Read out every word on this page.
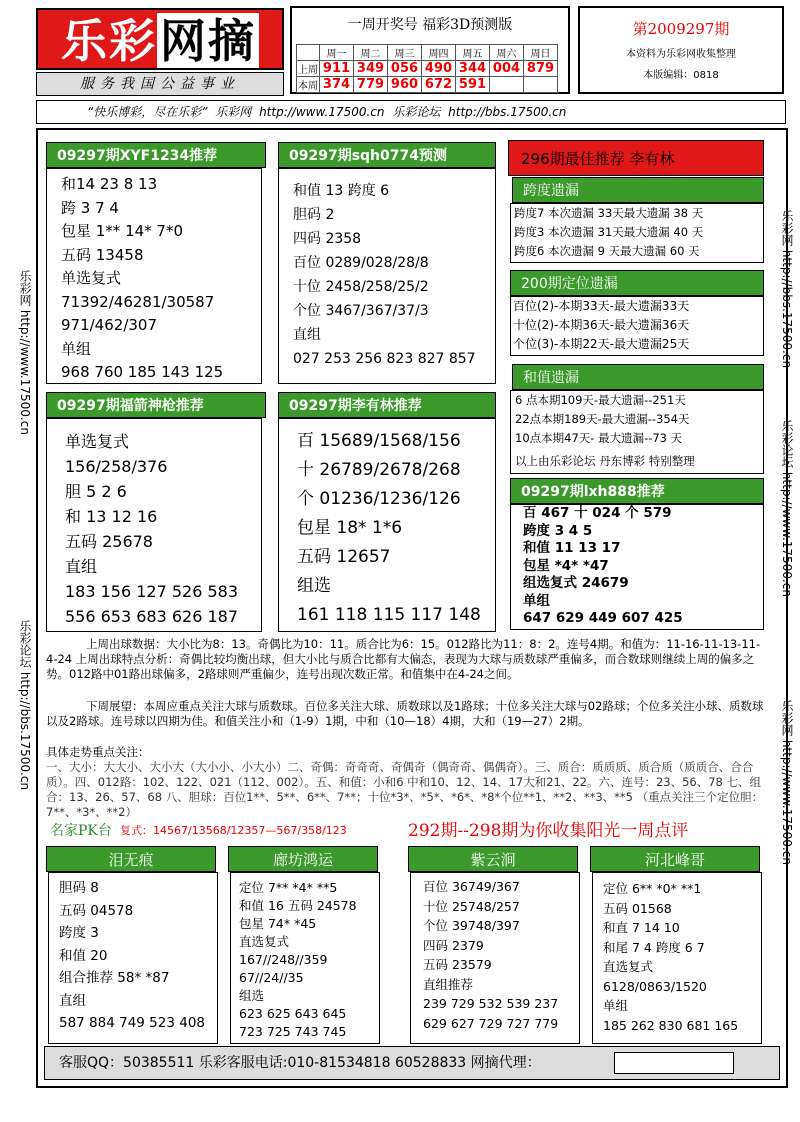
乐彩网摘
服务我国公益事业
一周开奖号 福彩3D预测版
	周一	周二	周三	周四	周五	周六	周日
上周	911	349	056	490	344	004	879
本周	374	779	960	672	591		
第2009297期
本资料为乐彩网收集整理
本版编辑：0818
“快乐博彩，尽在乐彩” 乐彩网 http://www.17500.cn 乐彩论坛 http://bbs.17500.cn
乐彩网 http://www.17500.cn
乐彩论坛 http://bbs.17500.cn
乐彩网 http://bbs.17500.cn
乐彩论坛 http://www.17500.cn
乐彩网 http://www.17500.cn
09297期XYF1234推荐
和14 23 8 13
跨 3 7 4
包星 1** 14* 7*0
五码 13458
单选复式
71392/46281/30587
971/462/307
单组
968 760 185 143 125
09297期sqh0774预测
和值 13 跨度 6
胆码 2
四码 2358
百位 0289/028/28/8
十位 2458/258/25/2
个位 3467/367/37/3
直组
027 253 256 823 827 857
09297期福箭神枪推荐
单选复式
156/258/376
胆 5 2 6
和 13 12 16
五码 25678
直组
183 156 127 526 583
556 653 683 626 187
09297期李有林推荐
百 15689/1568/156
十 26789/2678/268
个 01236/1236/126
包星 18* 1*6
五码 12657
组选
161 118 115 117 148
296期最佳推荐 李有林
跨度遗漏
跨度7 本次遗漏 33天最大遗漏 38 天
跨度3 本次遗漏 31天最大遗漏 40 天
跨度6 本次遗漏 9 天最大遗漏 60 天
200期定位遗漏
百位(2)-本期33天-最大遗漏33天
十位(2)-本期36天-最大遗漏36天
个位(3)-本期22天-最大遗漏25天
和值遗漏
6 点本期109天-最大遗漏--251天
22点本期189天-最大遗漏--354天
10点本期47天- 最大遗漏--73 天
以上由乐彩论坛 丹东博彩 特别整理
09297期lxh888推荐
百 467 十 024 个 579
跨度 3 4 5
和值 11 13 17
包星 *4* *47
组选复式 24679
单组
647 629 449 607 425
上周出球数据：大小比为8：13。奇偶比为10：11。质合比为6：15。012路比为11：8：2。连号4期。和值为：11-16-11-13-11-4-24 上周出球特点分析：奇偶比较均衡出球，但大小比与质合比都有大偏态，表现为大球与质数球严重偏多，而合数球则继续上周的偏多之势。012路中01路出球偏多，2路球则严重偏少，连号出现次数正常。和值集中在4-24之间。
下周展望：本周应重点关注大球与质数球。百位多关注大球、质数球以及1路球；十位多关注大球与02路球；个位多关注小球、质数球以及2路球。连号球以四期为佳。和值关注小和（1-9）1期，中和（10—18）4期，大和（19—27）2期。
具体走势重点关注：
一、大小：大大小、大小大（大小小、小大小）二、奇偶：奇奇奇、奇偶奇（偶奇奇、偶偶奇）。三、质合：质质质、质合质（质质合、合合质）。四、012路：102、122、021（112、002）。五、和值：小和6 中和10、12、14、17大和21、22。六、连号：23、56、78 七、组合：13、26、57、68 八、胆球：百位1**、5**、6**、7**；十位*3*、*5*、*6*、*8*个位**1、**2、**3、**5 （重点关注三个定位胆：7**、*3*、**2）
名家PK台 复式：14567/13568/12357—567/358/123	292期--298期为你收集阳光一周点评
泪无痕
胆码 8
五码 04578
跨度 3
和值 20
组合推荐 58* *87
直组
587 884 749 523 408
廊坊鸿运
定位 7** *4* **5
和值 16 五码 24578
包星 74* *45
直选复式
167//248//359
67//24//35
组选
623 625 643 645
723 725 743 745
紫云涧
百位 36749/367
十位 25748/257
个位 39748/397
四码 2379
五码 23579
直组推荐
239 729 532 539 237
629 627 729 727 779
河北峰哥
定位 6** *0* **1
五码 01568
和直 7 14 10
和尾 7 4 跨度 6 7
直选复式
6128/0863/1520
单组
185 262 830 681 165
客服QQ：50385511 乐彩客服电话:010-81534818 60528833 网摘代理：
